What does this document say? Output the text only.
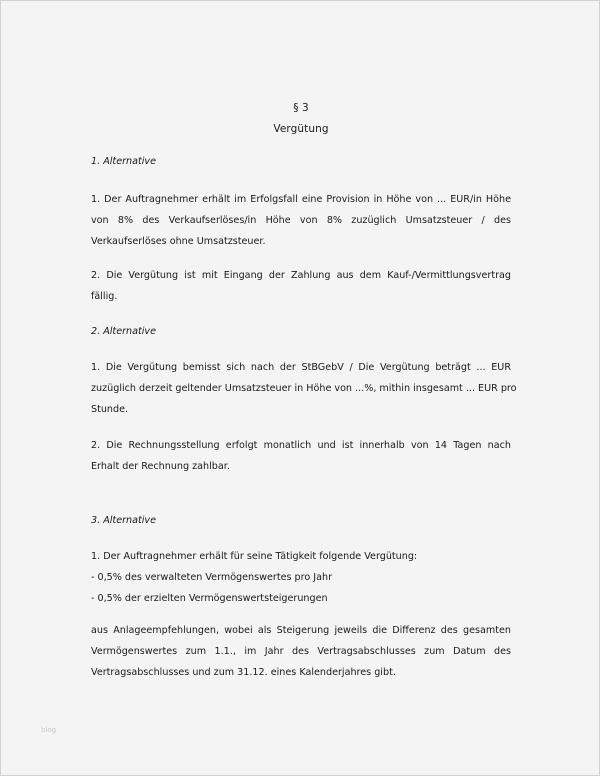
§ 3
Vergütung
1. Alternative
1. Der Auftragnehmer erhält im Erfolgsfall eine Provision in Höhe von ... EUR/in Höhe
von 8% des Verkaufserlöses/in Höhe von 8% zuzüglich Umsatzsteuer / des
Verkaufserlöses ohne Umsatzsteuer.
2. Die Vergütung ist mit Eingang der Zahlung aus dem Kauf-/Vermittlungsvertrag
fällig.
2. Alternative
1. Die Vergütung bemisst sich nach der StBGebV / Die Vergütung beträgt ... EUR
zuzüglich derzeit geltender Umsatzsteuer in Höhe von ...%, mithin insgesamt ... EUR pro
Stunde.
2. Die Rechnungsstellung erfolgt monatlich und ist innerhalb von 14 Tagen nach
Erhalt der Rechnung zahlbar.
3. Alternative
1. Der Auftragnehmer erhält für seine Tätigkeit folgende Vergütung:
- 0,5% des verwalteten Vermögenswertes pro Jahr
- 0,5% der erzielten Vermögenswertsteigerungen
aus Anlageempfehlungen, wobei als Steigerung jeweils die Differenz des gesamten
Vermögenswertes zum 1.1., im Jahr des Vertragsabschlusses zum Datum des
Vertragsabschlusses und zum 31.12. eines Kalenderjahres gibt.
blog
